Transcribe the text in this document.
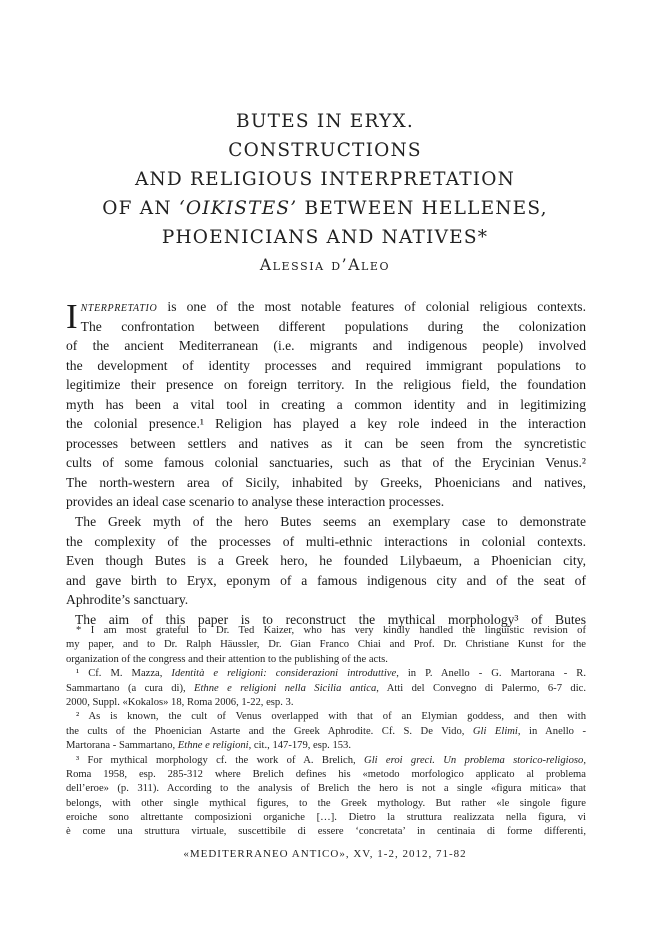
BUTES IN ERYX.
CONSTRUCTIONS
AND RELIGIOUS INTERPRETATION
OF AN ‘OIKISTES’ BETWEEN HELLENES,
PHOENICIANS AND NATIVES*
Alessia d’Aleo
I nterpretatio is one of the most notable features of colonial religious contexts.
The confrontation between different populations during the colonization
of the ancient Mediterranean (i.e. migrants and indigenous people) involved
the development of identity processes and required immigrant populations to
legitimize their presence on foreign territory. In the religious field, the foundation
myth has been a vital tool in creating a common identity and in legitimizing
the colonial presence.¹ Religion has played a key role indeed in the interaction
processes between settlers and natives as it can be seen from the syncretistic
cults of some famous colonial sanctuaries, such as that of the Erycinian Venus.²
The north-western area of Sicily, inhabited by Greeks, Phoenicians and natives,
provides an ideal case scenario to analyse these interaction processes.
The Greek myth of the hero Butes seems an exemplary case to demonstrate
the complexity of the processes of multi-ethnic interactions in colonial contexts.
Even though Butes is a Greek hero, he founded Lilybaeum, a Phoenician city,
and gave birth to Eryx, eponym of a famous indigenous city and of the seat of
Aphrodite’s sanctuary.
The aim of this paper is to reconstruct the mythical morphology³ of Butes
* I am most grateful to Dr. Ted Kaizer, who has very kindly handled the linguistic revision of
my paper, and to Dr. Ralph Häussler, Dr. Gian Franco Chiai and Prof. Dr. Christiane Kunst for the
organization of the congress and their attention to the publishing of the acts.
¹ Cf. M. Mazza, Identità e religioni: considerazioni introduttive, in P. Anello - G. Martorana - R.
Sammartano (a cura di), Ethne e religioni nella Sicilia antica, Atti del Convegno di Palermo, 6-7 dic.
2000, Suppl. «Kokalos» 18, Roma 2006, 1-22, esp. 3.
² As is known, the cult of Venus overlapped with that of an Elymian goddess, and then with
the cults of the Phoenician Astarte and the Greek Aphrodite. Cf. S. De Vido, Gli Elimi, in Anello -
Martorana - Sammartano, Ethne e religioni, cit., 147-179, esp. 153.
³ For mythical morphology cf. the work of A. Brelich, Gli eroi greci. Un problema storico-religioso,
Roma 1958, esp. 285-312 where Brelich defines his «metodo morfologico applicato al problema
dell’eroe» (p. 311). According to the analysis of Brelich the hero is not a single «figura mitica» that
belongs, with other single mythical figures, to the Greek mythology. But rather «le singole figure
eroiche sono altrettante composizioni organiche […]. Dietro la struttura realizzata nella figura, vi
è come una struttura virtuale, suscettibile di essere ‘concretata’ in centinaia di forme differenti,
«MEDITERRANEO ANTICO», XV, 1-2, 2012, 71-82
